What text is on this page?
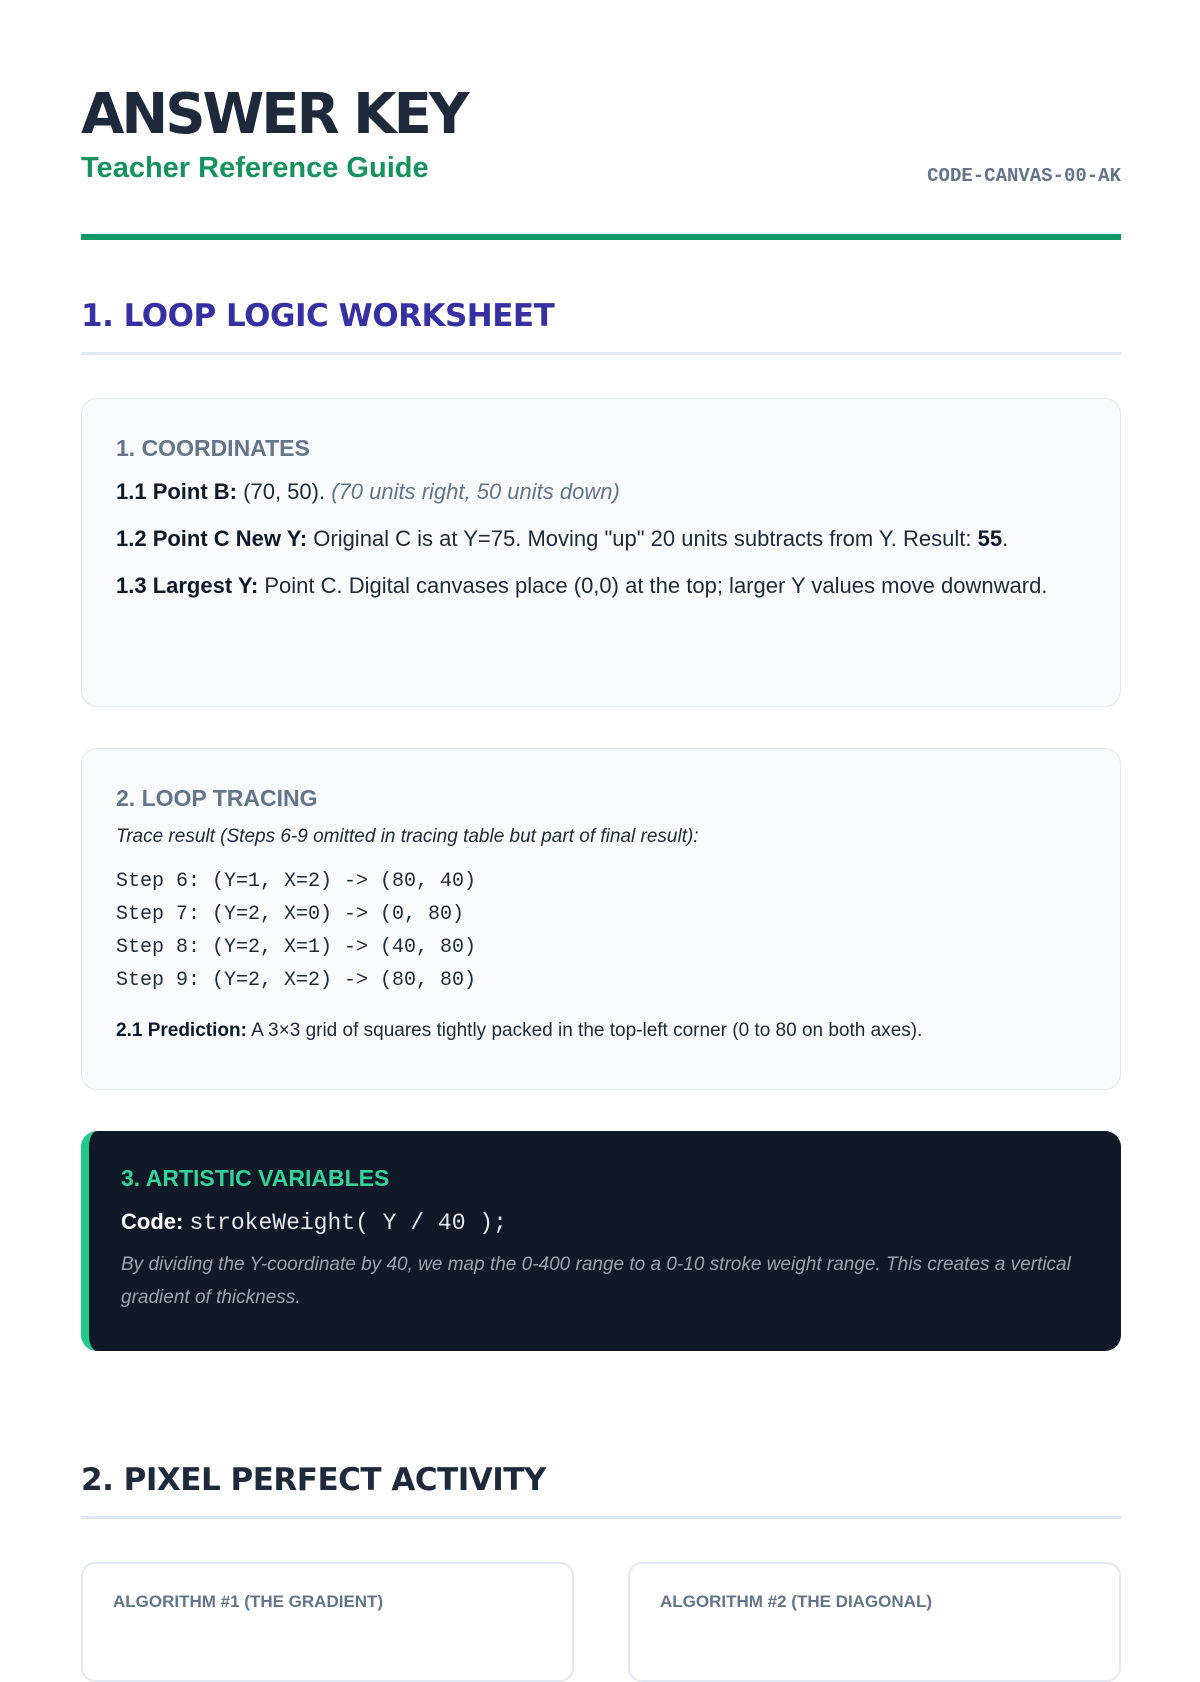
ANSWER KEY
Teacher Reference Guide	CODE-CANVAS-00-AK
1. LOOP LOGIC WORKSHEET
1. COORDINATES

1.1 Point B: (70, 50). (70 units right, 50 units down)

1.2 Point C New Y: Original C is at Y=75. Moving "up" 20 units subtracts from Y. Result: 55.

1.3 Largest Y: Point C. Digital canvases place (0,0) at the top; larger Y values move downward.

2. LOOP TRACING

Trace result (Steps 6-9 omitted in tracing table but part of final result):

Step 6: (Y=1, X=2) -> (80, 40)
Step 7: (Y=2, X=0) -> (0, 80)
Step 8: (Y=2, X=1) -> (40, 80)
Step 9: (Y=2, X=2) -> (80, 80)

2.1 Prediction: A 3×3 grid of squares tightly packed in the top-left corner (0 to 80 on both axes).

3. ARTISTIC VARIABLES

Code: strokeWeight( Y / 40 );

By dividing the Y-coordinate by 40, we map the 0-400 range to a 0-10 stroke weight range. This creates a vertical gradient of thickness.

2. PIXEL PERFECT ACTIVITY
ALGORITHM #1 (THE GRADIENT)	ALGORITHM #2 (THE DIAGONAL)
